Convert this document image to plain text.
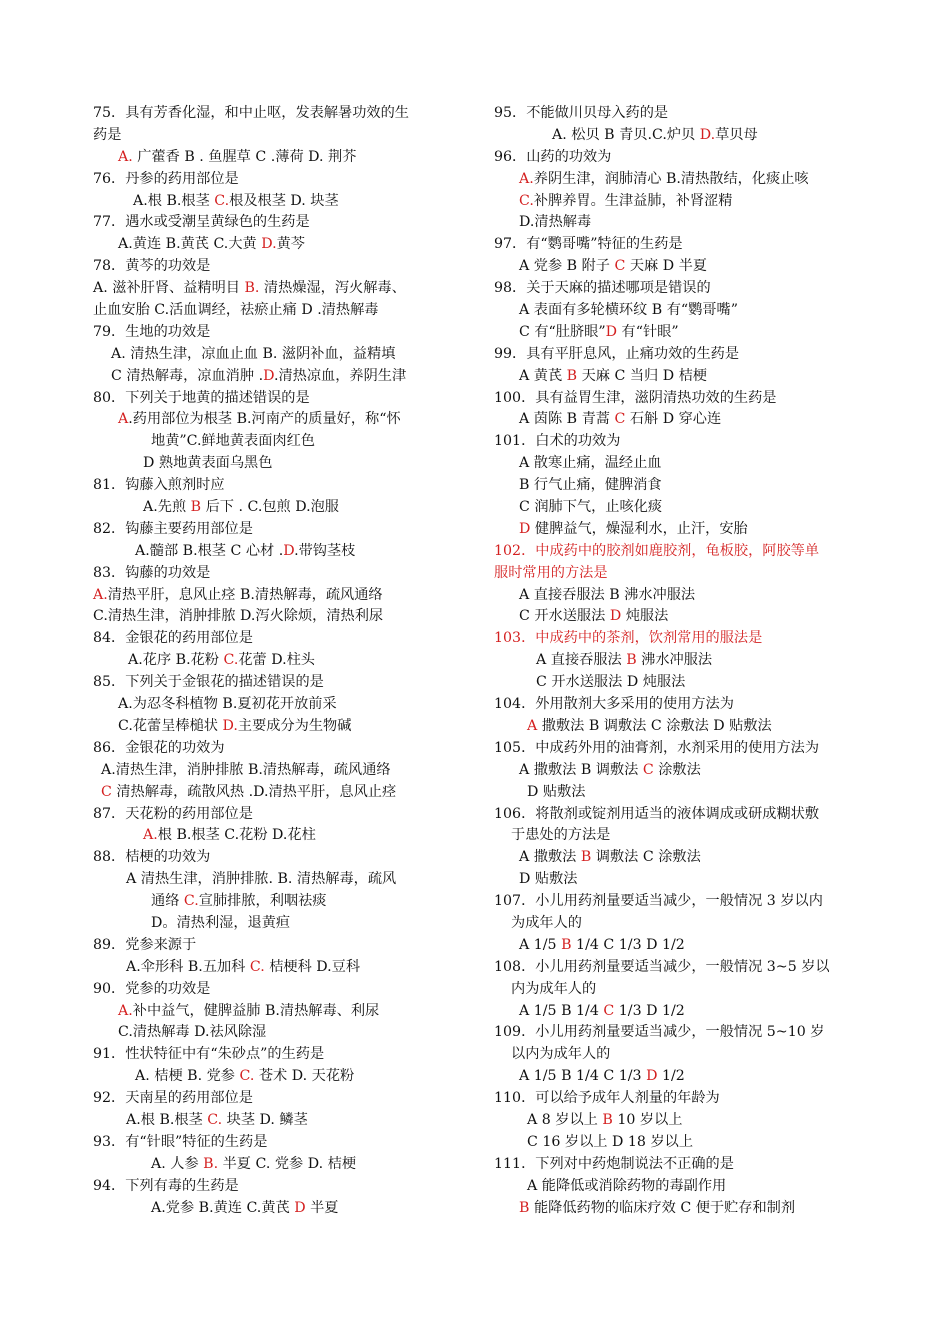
75．具有芳香化湿，和中止呕，发表解暑功效的生
药是
A. 广藿香 B . 鱼腥草 C .薄荷 D. 荆芥
76．丹参的药用部位是
A.根 B.根茎 C.根及根茎 D. 块茎
77．遇水或受潮呈黄绿色的生药是
A.黄连 B.黄芪 C.大黄 D.黄芩
78．黄芩的功效是
A. 滋补肝肾、益精明目 B. 清热燥湿，泻火解毒、
止血安胎 C.活血调经，祛瘀止痛 D .清热解毒
79．生地的功效是
A. 清热生津，凉血止血 B. 滋阴补血，益精填
C 清热解毒，凉血消肿 .D.清热凉血，养阴生津
80．下列关于地黄的描述错误的是
A.药用部位为根茎 B.河南产的质量好，称“怀
地黄”C.鲜地黄表面肉红色
D 熟地黄表面乌黑色
81．钩藤入煎剂时应
A.先煎 B 后下 . C.包煎 D.泡服
82．钩藤主要药用部位是
A.髓部 B.根茎 C 心材 .D.带钩茎枝
83．钩藤的功效是
A.清热平肝，息风止痉 B.清热解毒，疏风通络
C.清热生津，消肿排脓 D.泻火除烦，清热利尿
84．金银花的药用部位是
A.花序 B.花粉 C.花蕾 D.柱头
85．下列关于金银花的描述错误的是
A.为忍冬科植物 B.夏初花开放前采
C.花蕾呈棒槌状 D.主要成分为生物碱
86．金银花的功效为
A.清热生津，消肿排脓 B.清热解毒，疏风通络
C 清热解毒，疏散风热 .D.清热平肝，息风止痉
87．天花粉的药用部位是
A.根 B.根茎 C.花粉 D.花柱
88．桔梗的功效为
A 清热生津，消肿排脓. B. 清热解毒，疏风
通络 C.宣肺排脓，利咽祛痰
D。清热利湿，退黄疸
89．党参来源于
A.伞形科 B.五加科 C. 桔梗科 D.豆科
90．党参的功效是
A.补中益气，健脾益肺 B.清热解毒、利尿
C.清热解毒 D.祛风除湿
91．性状特征中有“朱砂点”的生药是
A. 桔梗 B. 党参 C. 苍术 D. 天花粉
92．天南星的药用部位是
A.根 B.根茎 C. 块茎 D. 鳞茎
93．有“针眼”特征的生药是
A. 人参 B. 半夏 C. 党参 D. 桔梗
94．下列有毒的生药是
A.党参 B.黄连 C.黄芪 D 半夏
95．不能做川贝母入药的是
A. 松贝 B 青贝.C.炉贝 D.草贝母
96．山药的功效为
A.养阴生津，润肺清心 B.清热散结，化痰止咳
C.补脾养胃。生津益肺，补肾涩精
D.清热解毒
97．有“鹦哥嘴”特征的生药是
A 党参 B 附子 C 天麻 D 半夏
98．关于天麻的描述哪项是错误的
A 表面有多轮横环纹 B 有“鹦哥嘴”
C 有“肚脐眼”D 有“针眼”
99．具有平肝息风，止痛功效的生药是
A 黄芪 B 天麻 C 当归 D 桔梗
100．具有益胃生津，滋阴清热功效的生药是
A 茵陈 B 青蒿 C 石斛 D 穿心连
101．白术的功效为
A 散寒止痛，温经止血
B 行气止痛，健脾消食
C 润肺下气，止咳化痰
D 健脾益气，燥湿利水，止汗，安胎
102．中成药中的胶剂如鹿胶剂，龟板胶，阿胶等单
服时常用的方法是
A 直接吞服法 B 沸水冲服法
C 开水送服法 D 炖服法
103．中成药中的茶剂，饮剂常用的服法是
A 直接吞服法 B 沸水冲服法
C 开水送服法 D 炖服法
104．外用散剂大多采用的使用方法为
A 撒敷法 B 调敷法 C 涂敷法 D 贴敷法
105．中成药外用的油膏剂，水剂采用的使用方法为
A 撒敷法 B 调敷法 C 涂敷法
D 贴敷法
106．将散剂或锭剂用适当的液体调成或研成糊状敷
于患处的方法是
A 撒敷法 B 调敷法 C 涂敷法
D 贴敷法
107．小儿用药剂量要适当减少，一般情况 3 岁以内
为成年人的
A 1/5 B 1/4 C 1/3 D 1/2
108．小儿用药剂量要适当减少，一般情况 3~5 岁以
内为成年人的
A 1/5 B 1/4 C 1/3 D 1/2
109．小儿用药剂量要适当减少，一般情况 5~10 岁
以内为成年人的
A 1/5 B 1/4 C 1/3 D 1/2
110．可以给予成年人剂量的年龄为
A 8 岁以上 B 10 岁以上
C 16 岁以上 D 18 岁以上
111．下列对中药炮制说法不正确的是
A 能降低或消除药物的毒副作用
B 能降低药物的临床疗效 C 便于贮存和制剂
